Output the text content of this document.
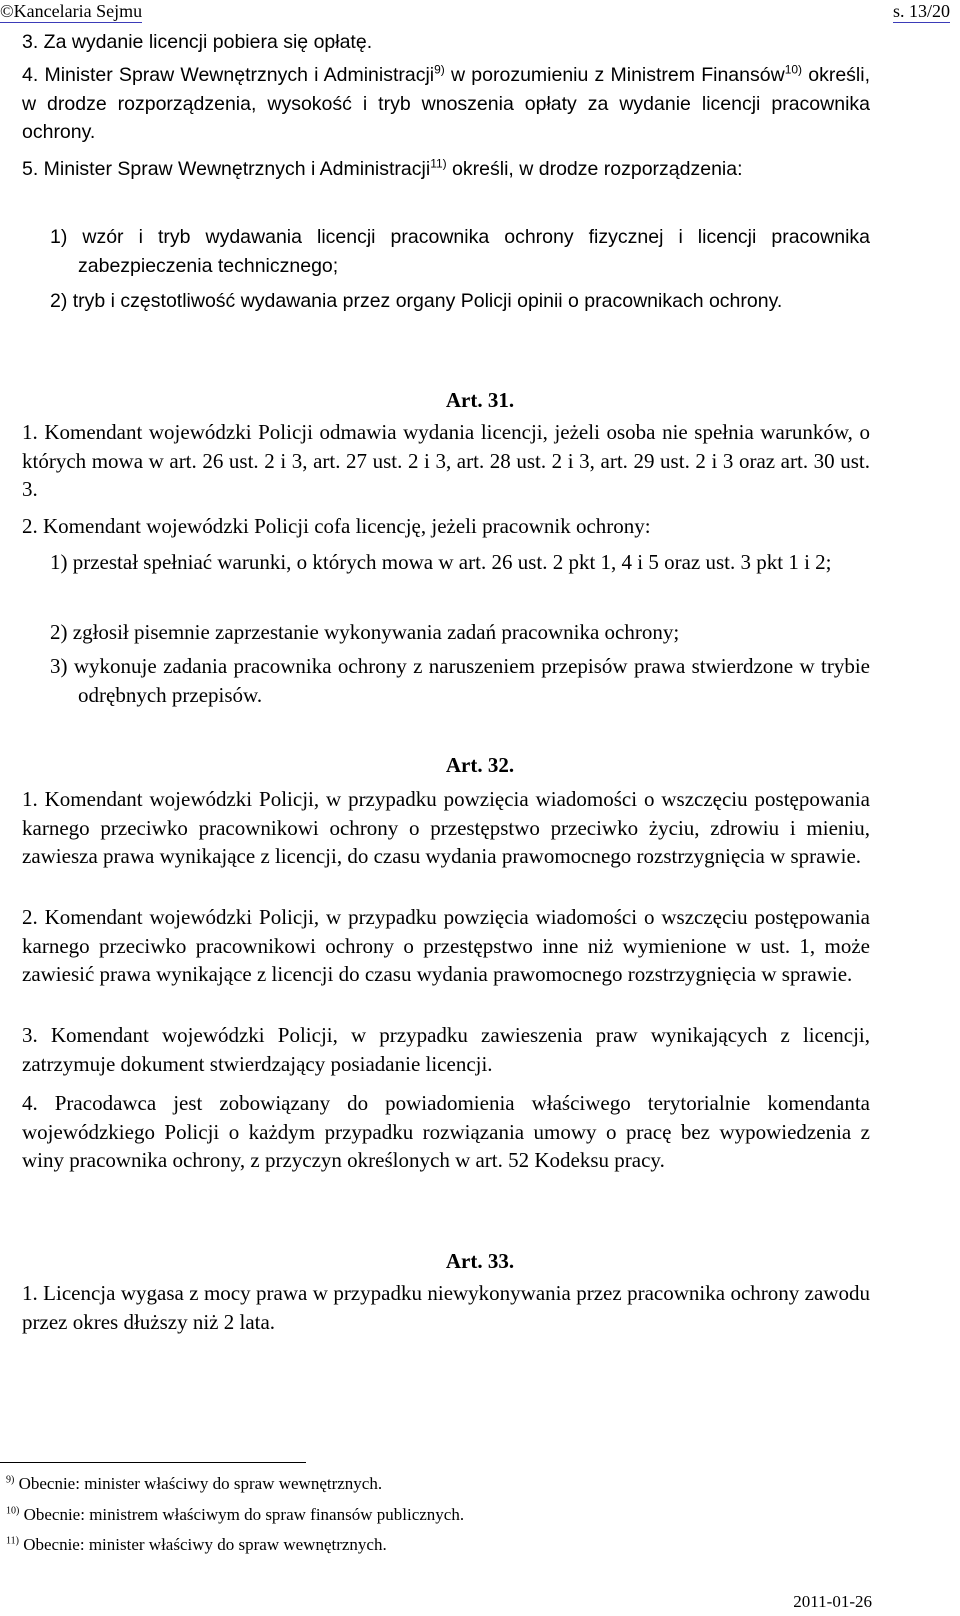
©Kancelaria Sejmu	s. 13/20

3. Za wydanie licencji pobiera się opłatę.

4. Minister Spraw Wewnętrznych i Administracji$^{9)}$ w porozumieniu z Ministrem Finansów$^{10)}$ określi, w drodze rozporządzenia, wysokość i tryb wnoszenia opłaty za wydanie licencji pracownika ochrony.

5. Minister Spraw Wewnętrznych i Administracji$^{11)}$ określi, w drodze rozporządzenia:

1) wzór i tryb wydawania licencji pracownika ochrony fizycznej i licencji pracownika zabezpieczenia technicznego;

2) tryb i częstotliwość wydawania przez organy Policji opinii o pracownikach ochrony.

Art. 31.

1. Komendant wojewódzki Policji odmawia wydania licencji, jeżeli osoba nie spełnia warunków, o których mowa w art. 26 ust. 2 i 3, art. 27 ust. 2 i 3, art. 28 ust. 2 i 3, art. 29 ust. 2 i 3 oraz art. 30 ust. 3.

2. Komendant wojewódzki Policji cofa licencję, jeżeli pracownik ochrony:

1) przestał spełniać warunki, o których mowa w art. 26 ust. 2 pkt 1, 4 i 5 oraz ust. 3 pkt 1 i 2;

2) zgłosił pisemnie zaprzestanie wykonywania zadań pracownika ochrony;

3) wykonuje zadania pracownika ochrony z naruszeniem przepisów prawa stwierdzone w trybie odrębnych przepisów.

Art. 32.

1. Komendant wojewódzki Policji, w przypadku powzięcia wiadomości o wszczęciu postępowania karnego przeciwko pracownikowi ochrony o przestępstwo przeciwko życiu, zdrowiu i mieniu, zawiesza prawa wynikające z licencji, do czasu wydania prawomocnego rozstrzygnięcia w sprawie.

2. Komendant wojewódzki Policji, w przypadku powzięcia wiadomości o wszczęciu postępowania karnego przeciwko pracownikowi ochrony o przestępstwo inne niż wymienione w ust. 1, może zawiesić prawa wynikające z licencji do czasu wydania prawomocnego rozstrzygnięcia w sprawie.

3. Komendant wojewódzki Policji, w przypadku zawieszenia praw wynikających z licencji, zatrzymuje dokument stwierdzający posiadanie licencji.

4. Pracodawca jest zobowiązany do powiadomienia właściwego terytorialnie komendanta wojewódzkiego Policji o każdym przypadku rozwiązania umowy o pracę bez wypowiedzenia z winy pracownika ochrony, z przyczyn określonych w art. 52 Kodeksu pracy.

Art. 33.

1. Licencja wygasa z mocy prawa w przypadku niewykonywania przez pracownika ochrony zawodu przez okres dłuższy niż 2 lata.

$^{9)}$ Obecnie: minister właściwy do spraw wewnętrznych.
$^{10)}$ Obecnie: ministrem właściwym do spraw finansów publicznych.
$^{11)}$ Obecnie: minister właściwy do spraw wewnętrznych.
2011-01-26
